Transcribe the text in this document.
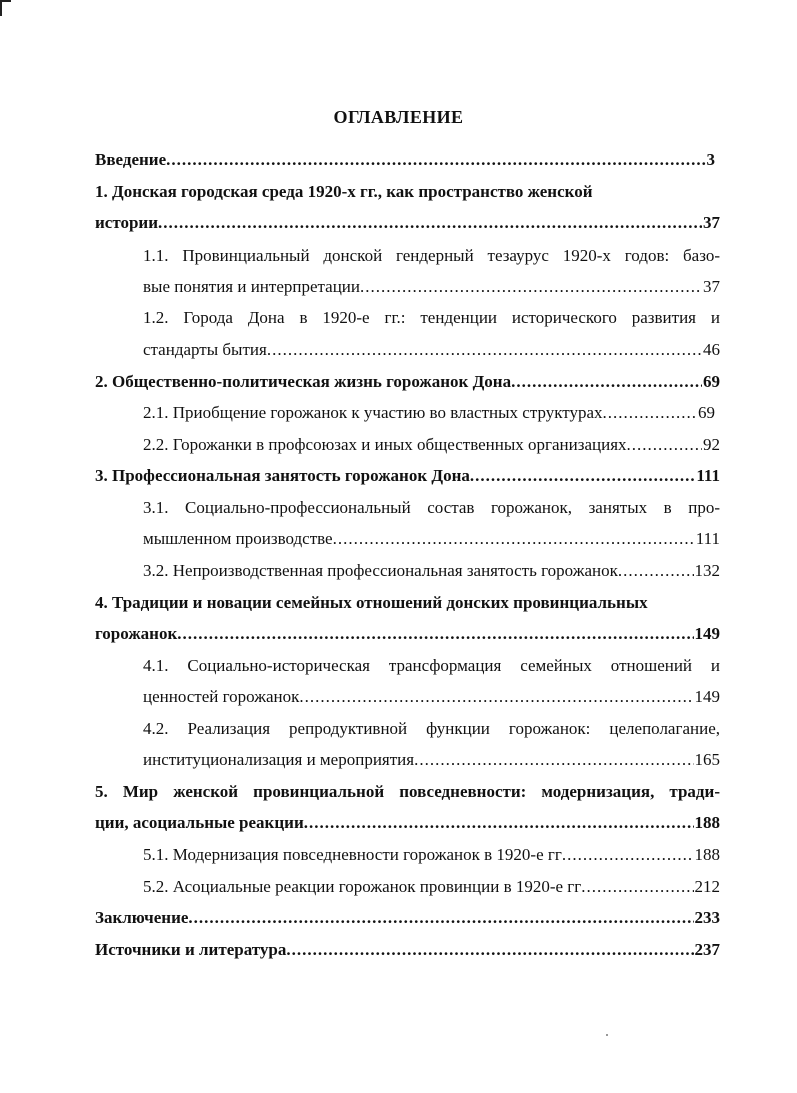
ОГЛАВЛЕНИЕ
Введение .....	3
1. Донская городская среда 1920-х гг., как пространство женской
истории .....	37
1.1. Провинциальный донской гендерный тезаурус 1920-х годов: базо-
вые понятия и интерпретации .....	37
1.2. Города Дона в 1920-е гг.: тенденции исторического развития и
стандарты бытия .....	46
2. Общественно-политическая жизнь горожанок Дона .....	69
2.1. Приобщение горожанок к участию во властных структурах .....	69
2.2. Горожанки в профсоюзах и иных общественных организациях .....	92
3. Профессиональная занятость горожанок Дона .....	111
3.1. Социально-профессиональный состав горожанок, занятых в про-
мышленном производстве .....	111
3.2. Непроизводственная профессиональная занятость горожанок .....	132
4. Традиции и новации семейных отношений донских провинциальных
горожанок .....	149
4.1. Социально-историческая трансформация семейных отношений и
ценностей горожанок .....	149
4.2. Реализация репродуктивной функции горожанок: целеполагание,
институционализация и мероприятия .....	165
5. Мир женской провинциальной повседневности: модернизация, тради-
ции, асоциальные реакции .....	188
5.1. Модернизация повседневности горожанок в 1920-е гг .....	188
5.2. Асоциальные реакции горожанок провинции в 1920-е гг .....	212
Заключение .....	233
Источники и литература .....	237
